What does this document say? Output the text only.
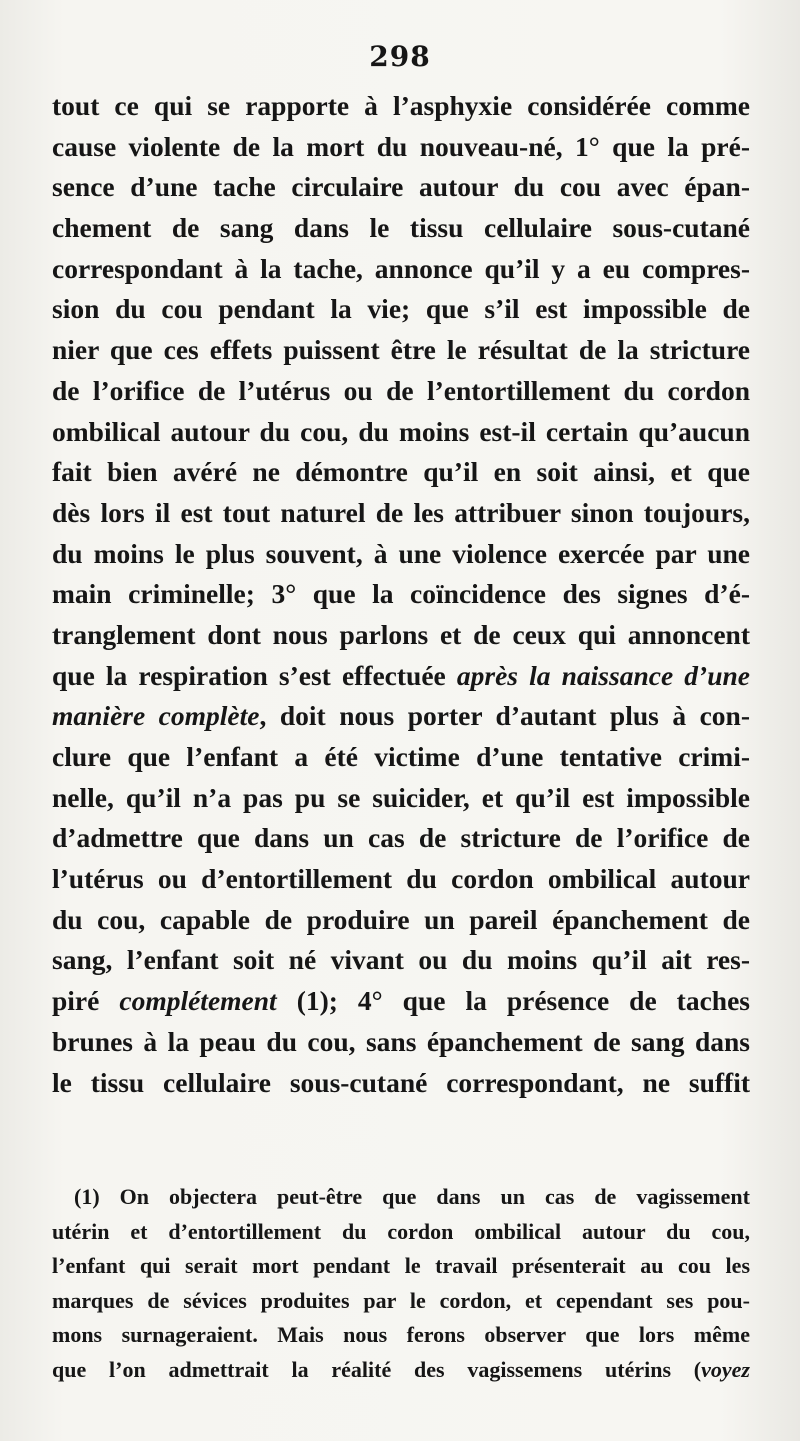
298
tout ce qui se rapporte à l’asphyxie considérée comme
cause violente de la mort du nouveau-né, 1° que la pré-
sence d’une tache circulaire autour du cou avec épan-
chement de sang dans le tissu cellulaire sous-cutané
correspondant à la tache, annonce qu’il y a eu compres-
sion du cou pendant la vie; que s’il est impossible de
nier que ces effets puissent être le résultat de la stricture
de l’orifice de l’utérus ou de l’entortillement du cordon
ombilical autour du cou, du moins est-il certain qu’aucun
fait bien avéré ne démontre qu’il en soit ainsi, et que
dès lors il est tout naturel de les attribuer sinon toujours,
du moins le plus souvent, à une violence exercée par une
main criminelle; 3° que la coïncidence des signes d’é-
tranglement dont nous parlons et de ceux qui annoncent
que la respiration s’est effectuée après la naissance d’une
manière complète, doit nous porter d’autant plus à con-
clure que l’enfant a été victime d’une tentative crimi-
nelle, qu’il n’a pas pu se suicider, et qu’il est impossible
d’admettre que dans un cas de stricture de l’orifice de
l’utérus ou d’entortillement du cordon ombilical autour
du cou, capable de produire un pareil épanchement de
sang, l’enfant soit né vivant ou du moins qu’il ait res-
piré complétement (1); 4° que la présence de taches
brunes à la peau du cou, sans épanchement de sang dans
le tissu cellulaire sous-cutané correspondant, ne suffit
(1) On objectera peut-être que dans un cas de vagissement
utérin et d’entortillement du cordon ombilical autour du cou,
l’enfant qui serait mort pendant le travail présenterait au cou les
marques de sévices produites par le cordon, et cependant ses pou-
mons surnageraient. Mais nous ferons observer que lors même
que l’on admettrait la réalité des vagissemens utérins (voyez
